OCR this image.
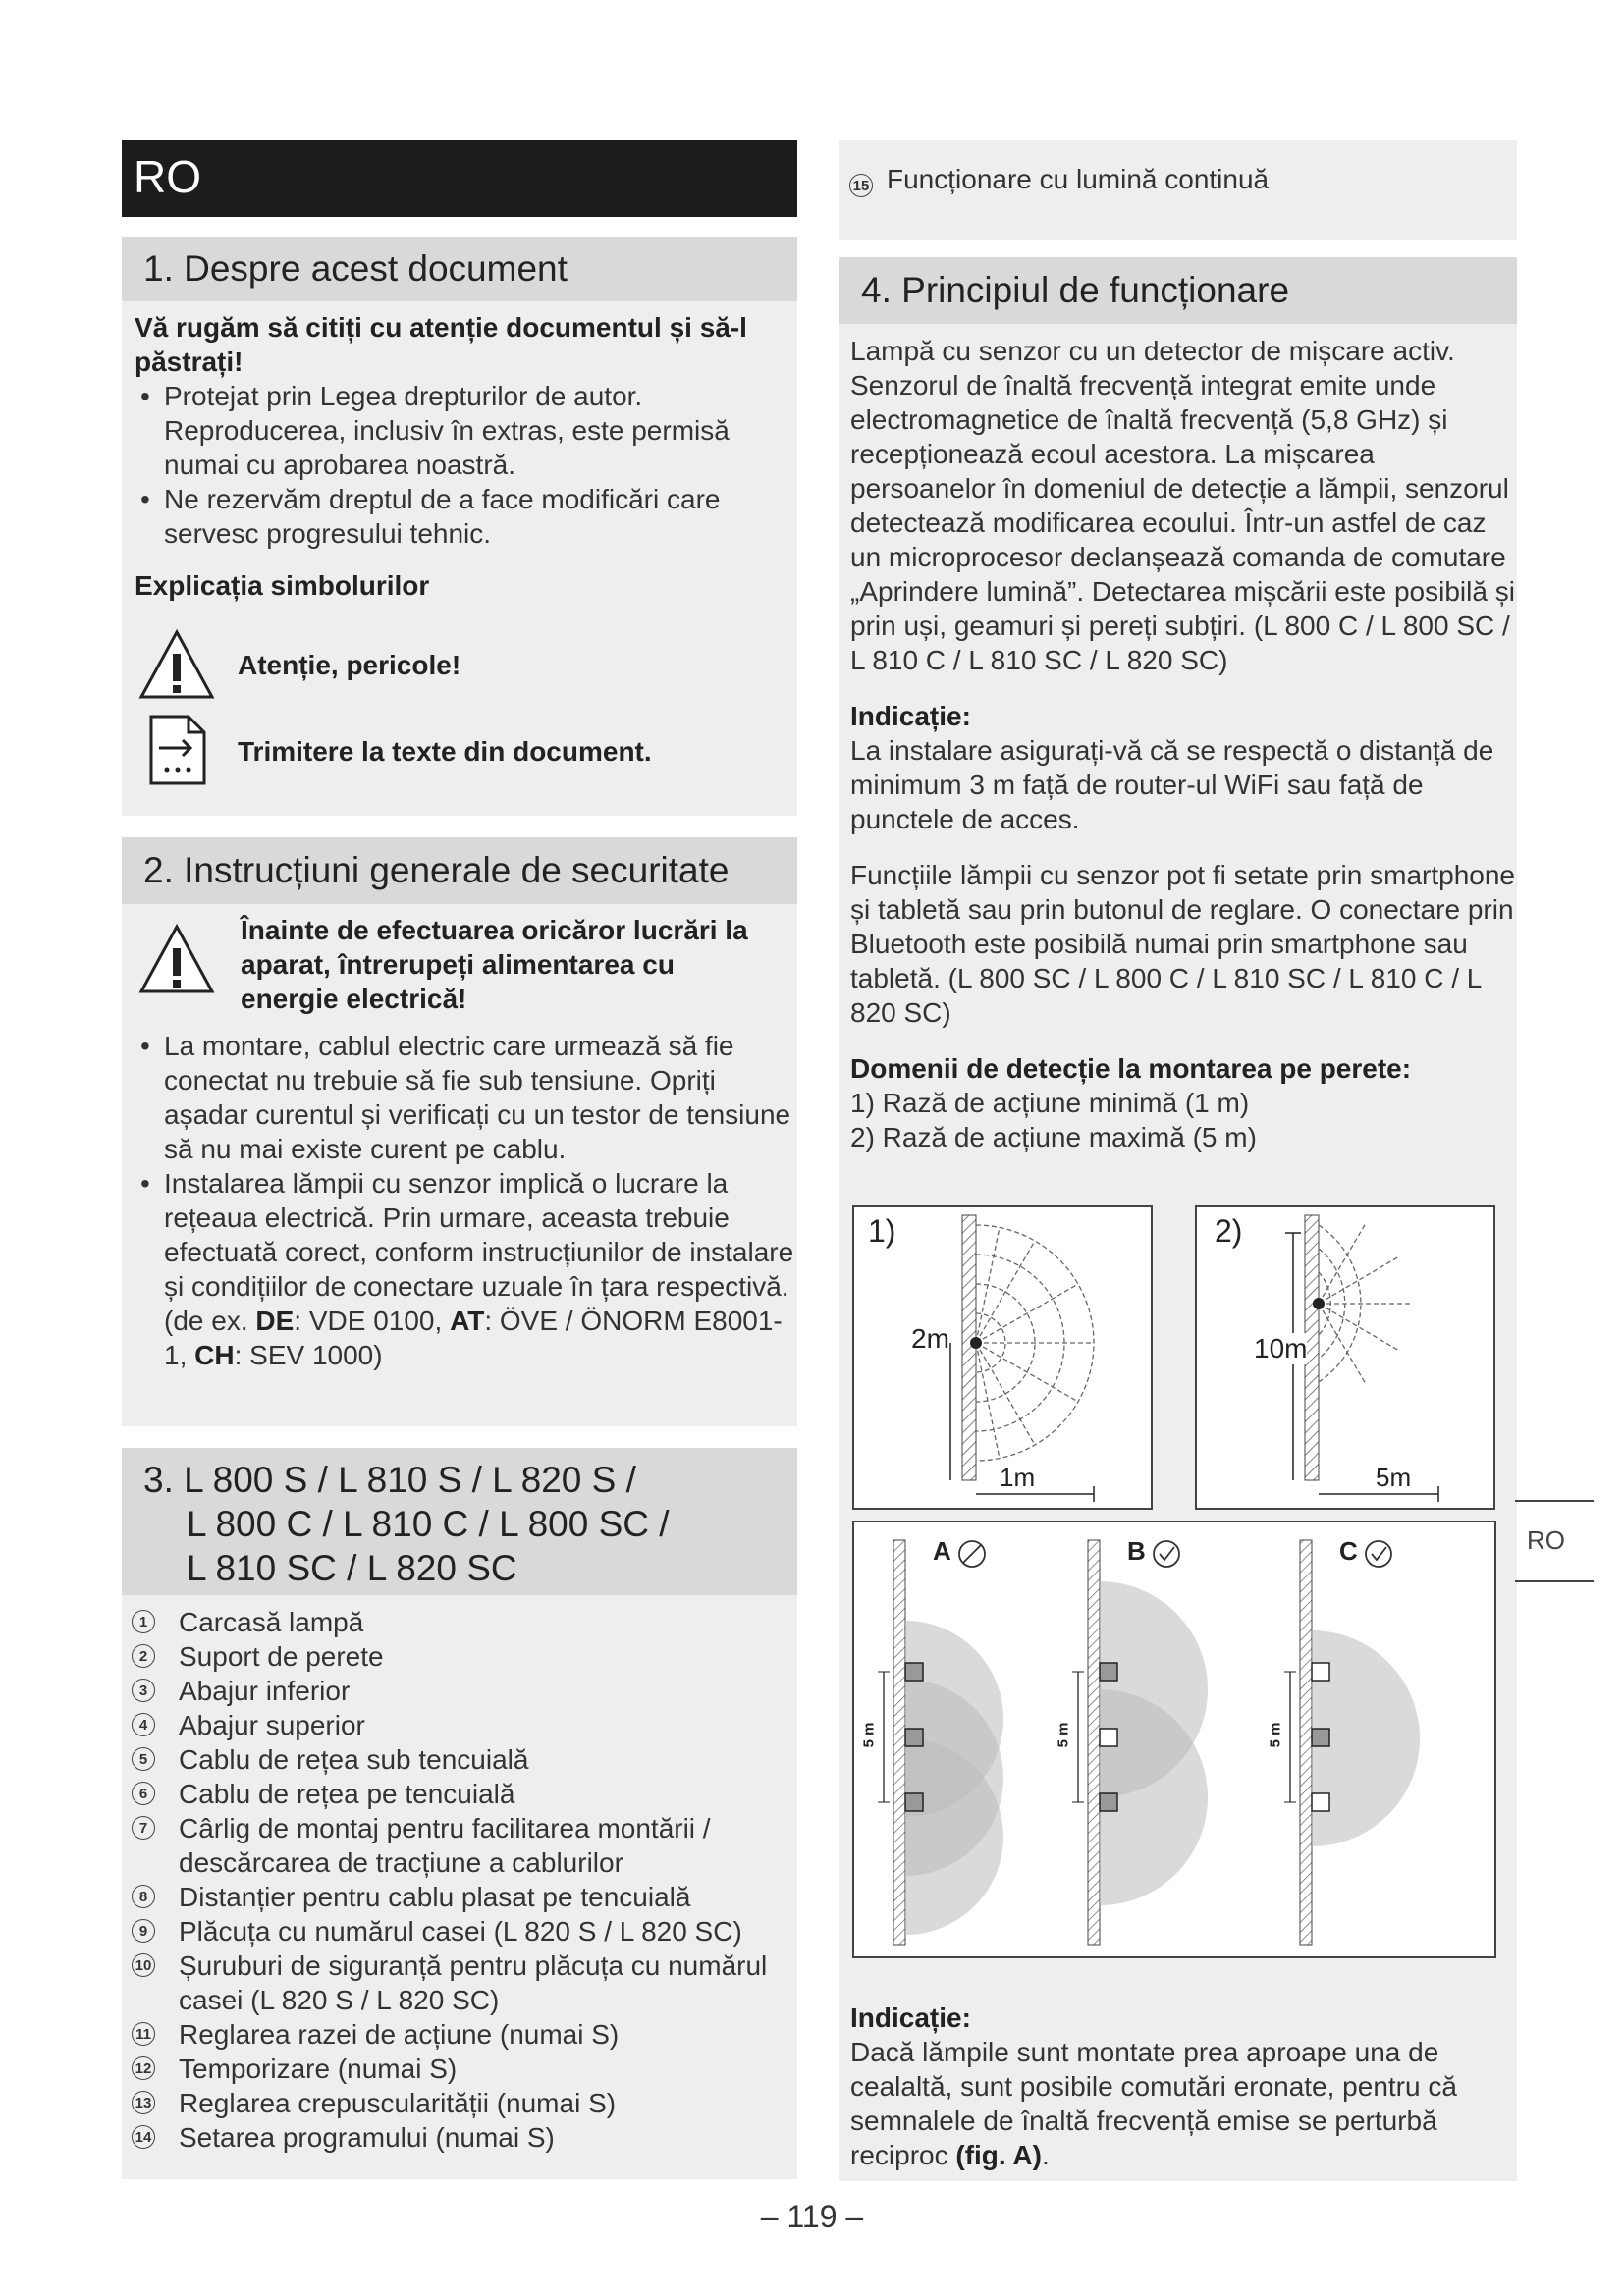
RO
1. Despre acest document

Vă rugăm să citiți cu atenție documentul și să-l păstrați!

• Protejat prin Legea drepturilor de autor. Reproducerea, inclusiv în extras, este permisă numai cu aprobarea noastră.
• Ne rezervăm dreptul de a face modificări care servesc progresului tehnic.

Explicația simbolurilor

Atenție, pericole!
Trimitere la texte din document.
2. Instrucțiuni generale de securitate

Înainte de efectuarea oricăror lucrări la aparat, întrerupeți alimentarea cu energie electrică!

• La montare, cablul electric care urmează să fie conectat nu trebuie să fie sub tensiune. Opriți așadar curentul și verificați cu un testor de tensiune să nu mai existe curent pe cablu.
• Instalarea lămpii cu senzor implică o lucrare la rețeaua electrică. Prin urmare, aceasta trebuie efectuată corect, conform instrucțiunilor de instalare și condițiilor de conectare uzuale în țara respectivă. (de ex. DE: VDE 0100, AT: ÖVE / ÖNORM E8001-1, CH: SEV 1000)
3. L 800 S / L 810 S / L 820 S /
L 800 C / L 810 C / L 800 SC /
L 810 SC / L 820 SC
1 Carcasă lampă
2 Suport de perete
3 Abajur inferior
4 Abajur superior
5 Cablu de rețea sub tencuială
6 Cablu de rețea pe tencuială
7 Cârlig de montaj pentru facilitarea montării / descărcarea de tracțiune a cablurilor
8 Distanțier pentru cablu plasat pe tencuială
9 Plăcuța cu numărul casei (L 820 S / L 820 SC)
10 Șuruburi de siguranță pentru plăcuța cu numărul casei (L 820 S / L 820 SC)
11 Reglarea razei de acțiune (numai S)
12 Temporizare (numai S)
13 Reglarea crepuscularității (numai S)
14 Setarea programului (numai S)
15 Funcționare cu lumină continuă
4. Principiul de funcționare

Lampă cu senzor cu un detector de mișcare activ. Senzorul de înaltă frecvență integrat emite unde electromagnetice de înaltă frecvență (5,8 GHz) și recepționează ecoul acestora. La mișcarea persoanelor în domeniul de detecție a lămpii, senzorul detectează modificarea ecoului. Într-un astfel de caz un microprocesor declanșează comanda de comutare „Aprindere lumină”. Detectarea mișcării este posibilă și prin uși, geamuri și pereți subțiri. (L 800 C / L 800 SC / L 810 C / L 810 SC / L 820 SC)

Indicație:

La instalare asigurați-vă că se respectă o distanță de minimum 3 m față de router-ul WiFi sau față de punctele de acces.

Funcțiile lămpii cu senzor pot fi setate prin smartphone și tabletă sau prin butonul de reglare. O conectare prin Bluetooth este posibilă numai prin smartphone sau tabletă. (L 800 SC / L 800 C / L 810 SC / L 810 C / L 820 SC)

Domenii de detecție la montarea pe perete:

1) Rază de acțiune minimă (1 m)

2) Rază de acțiune maximă (5 m)

1)
2m
1m
2)
10m
5m
A	B	C
5 m	5 m	5 m

Indicație:

Dacă lămpile sunt montate prea aproape una de cealaltă, sunt posibile comutări eronate, pentru că semnalele de înaltă frecvență emise se perturbă reciproc (fig. A).

RO
– 119 –
